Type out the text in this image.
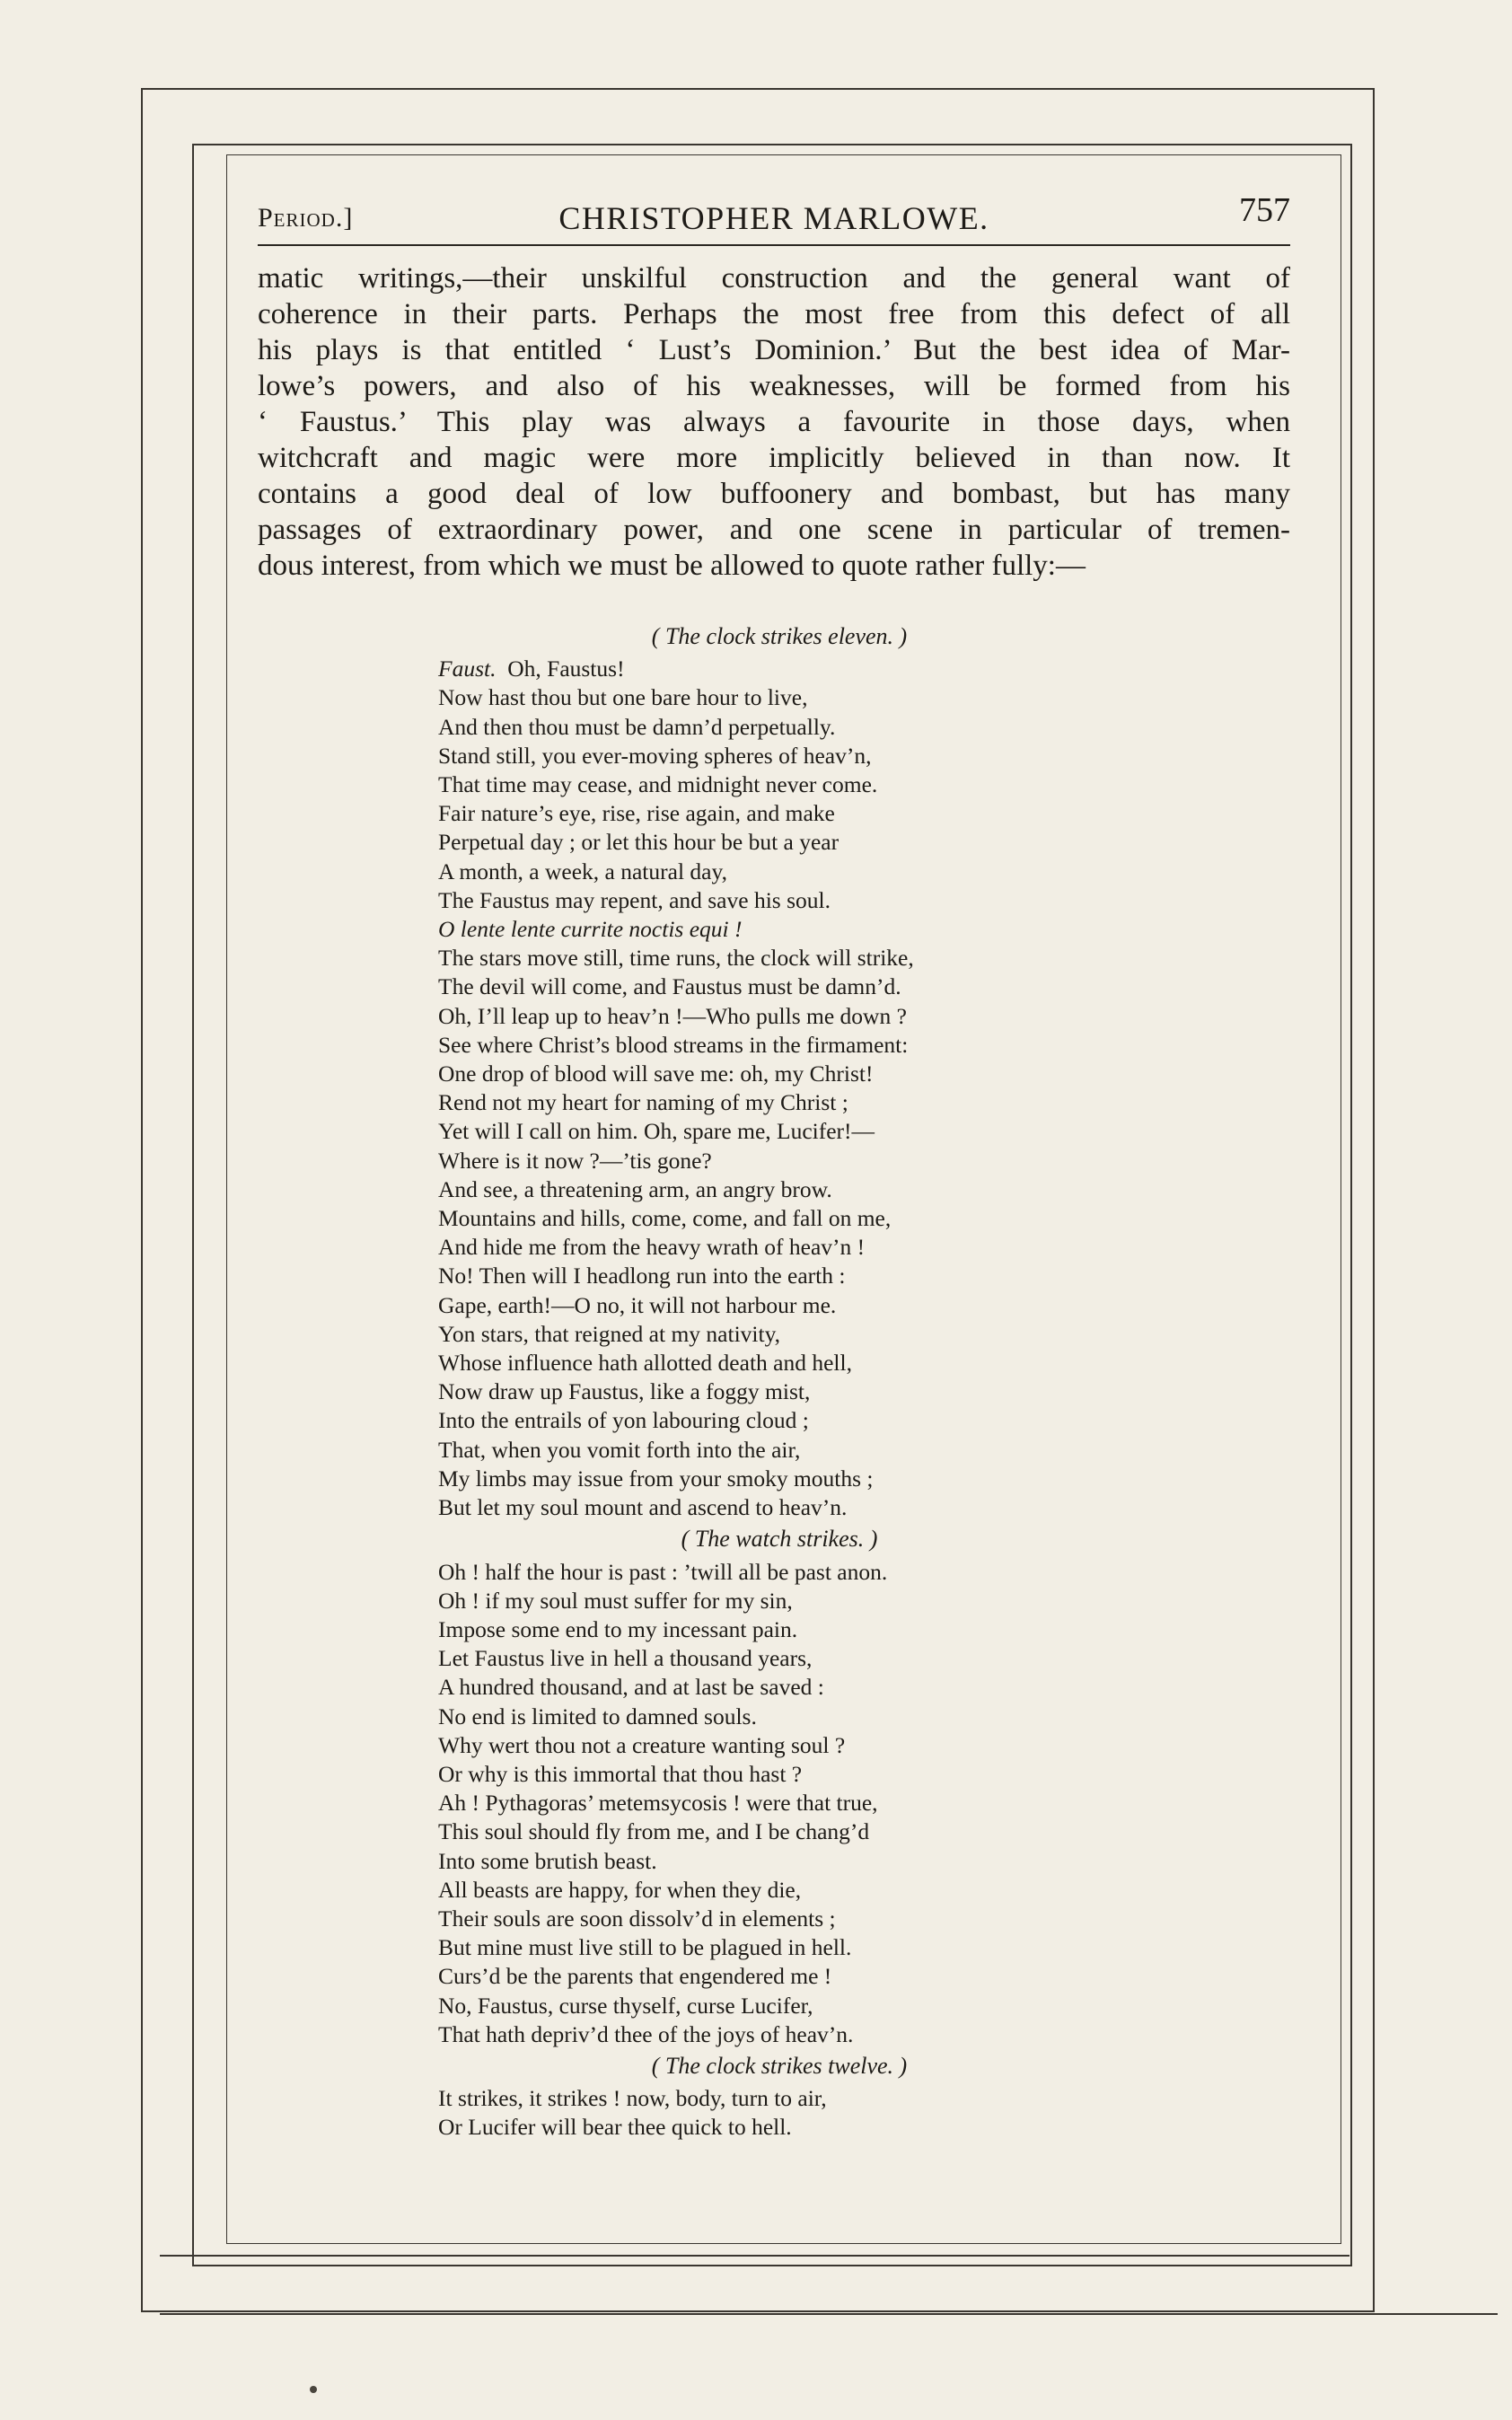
Period.]	CHRISTOPHER MARLOWE.	757
matic writings,—their unskilful construction and the general want of
coherence in their parts. Perhaps the most free from this defect of all
his plays is that entitled ‘ Lust’s Dominion.’ But the best idea of Mar-
lowe’s powers, and also of his weaknesses, will be formed from his
‘ Faustus.’ This play was always a favourite in those days, when
witchcraft and magic were more implicitly believed in than now. It
contains a good deal of low buffoonery and bombast, but has many
passages of extraordinary power, and one scene in particular of tremen-
dous interest, from which we must be allowed to quote rather fully:—
( The clock strikes eleven. )
Faust. Oh, Faustus!
Now hast thou but one bare hour to live,
And then thou must be damn’d perpetually.
Stand still, you ever-moving spheres of heav’n,
That time may cease, and midnight never come.
Fair nature’s eye, rise, rise again, and make
Perpetual day ; or let this hour be but a year
A month, a week, a natural day,
The Faustus may repent, and save his soul.
O lente lente currite noctis equi !
The stars move still, time runs, the clock will strike,
The devil will come, and Faustus must be damn’d.
Oh, I’ll leap up to heav’n !—Who pulls me down ?
See where Christ’s blood streams in the firmament:
One drop of blood will save me: oh, my Christ!
Rend not my heart for naming of my Christ ;
Yet will I call on him. Oh, spare me, Lucifer!—
Where is it now ?—’tis gone?
And see, a threatening arm, an angry brow.
Mountains and hills, come, come, and fall on me,
And hide me from the heavy wrath of heav’n !
No! Then will I headlong run into the earth :
Gape, earth!—O no, it will not harbour me.
Yon stars, that reigned at my nativity,
Whose influence hath allotted death and hell,
Now draw up Faustus, like a foggy mist,
Into the entrails of yon labouring cloud ;
That, when you vomit forth into the air,
My limbs may issue from your smoky mouths ;
But let my soul mount and ascend to heav’n.
( The watch strikes. )
Oh ! half the hour is past : ’twill all be past anon.
Oh ! if my soul must suffer for my sin,
Impose some end to my incessant pain.
Let Faustus live in hell a thousand years,
A hundred thousand, and at last be saved :
No end is limited to damned souls.
Why wert thou not a creature wanting soul ?
Or why is this immortal that thou hast ?
Ah ! Pythagoras’ metemsycosis ! were that true,
This soul should fly from me, and I be chang’d
Into some brutish beast.
All beasts are happy, for when they die,
Their souls are soon dissolv’d in elements ;
But mine must live still to be plagued in hell.
Curs’d be the parents that engendered me !
No, Faustus, curse thyself, curse Lucifer,
That hath depriv’d thee of the joys of heav’n.
( The clock strikes twelve. )
It strikes, it strikes ! now, body, turn to air,
Or Lucifer will bear thee quick to hell.
